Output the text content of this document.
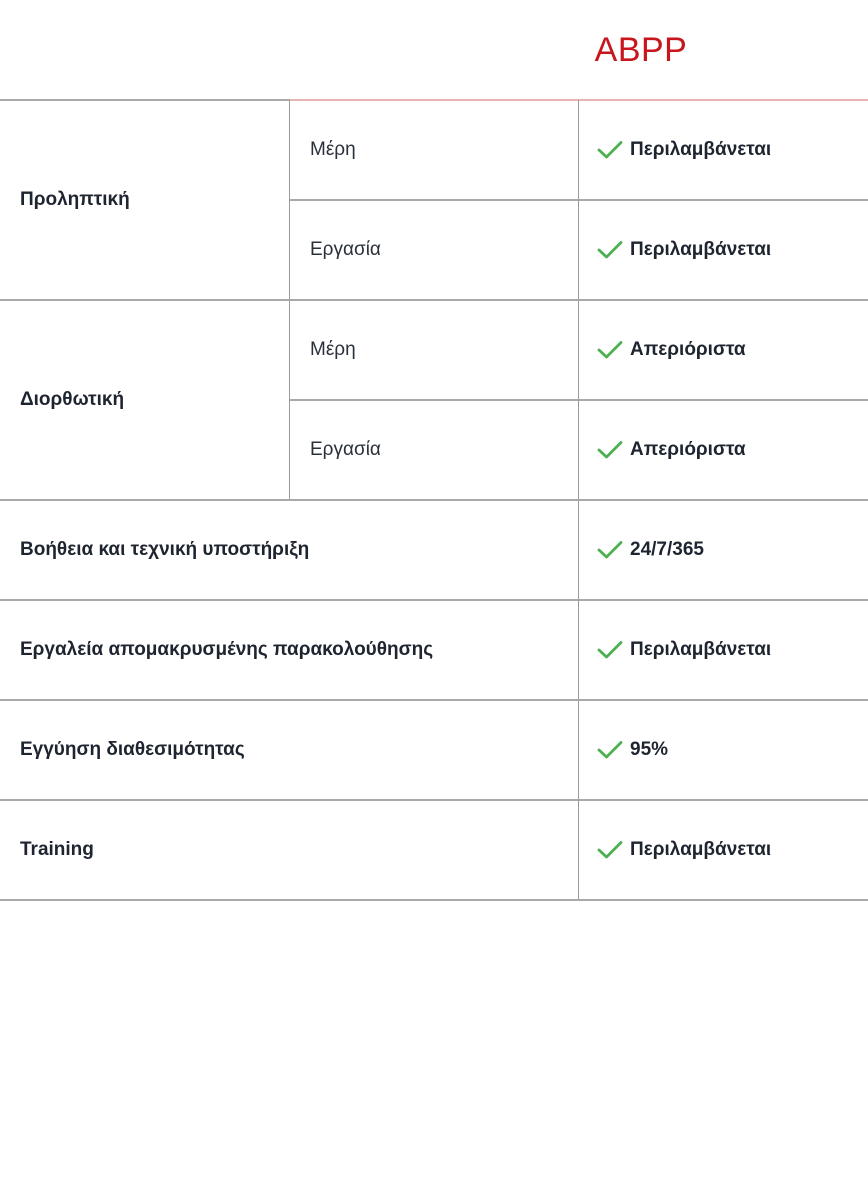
ABPP
Προληπτική
Μέρη	Περιλαμβάνεται
Εργασία	Περιλαμβάνεται
Διορθωτική
Μέρη	Απεριόριστα
Εργασία	Απεριόριστα
Βοήθεια και τεχνική υποστήριξη	24/7/365
Εργαλεία απομακρυσμένης παρακολούθησης	Περιλαμβάνεται
Εγγύηση διαθεσιμότητας	95%
Training	Περιλαμβάνεται
